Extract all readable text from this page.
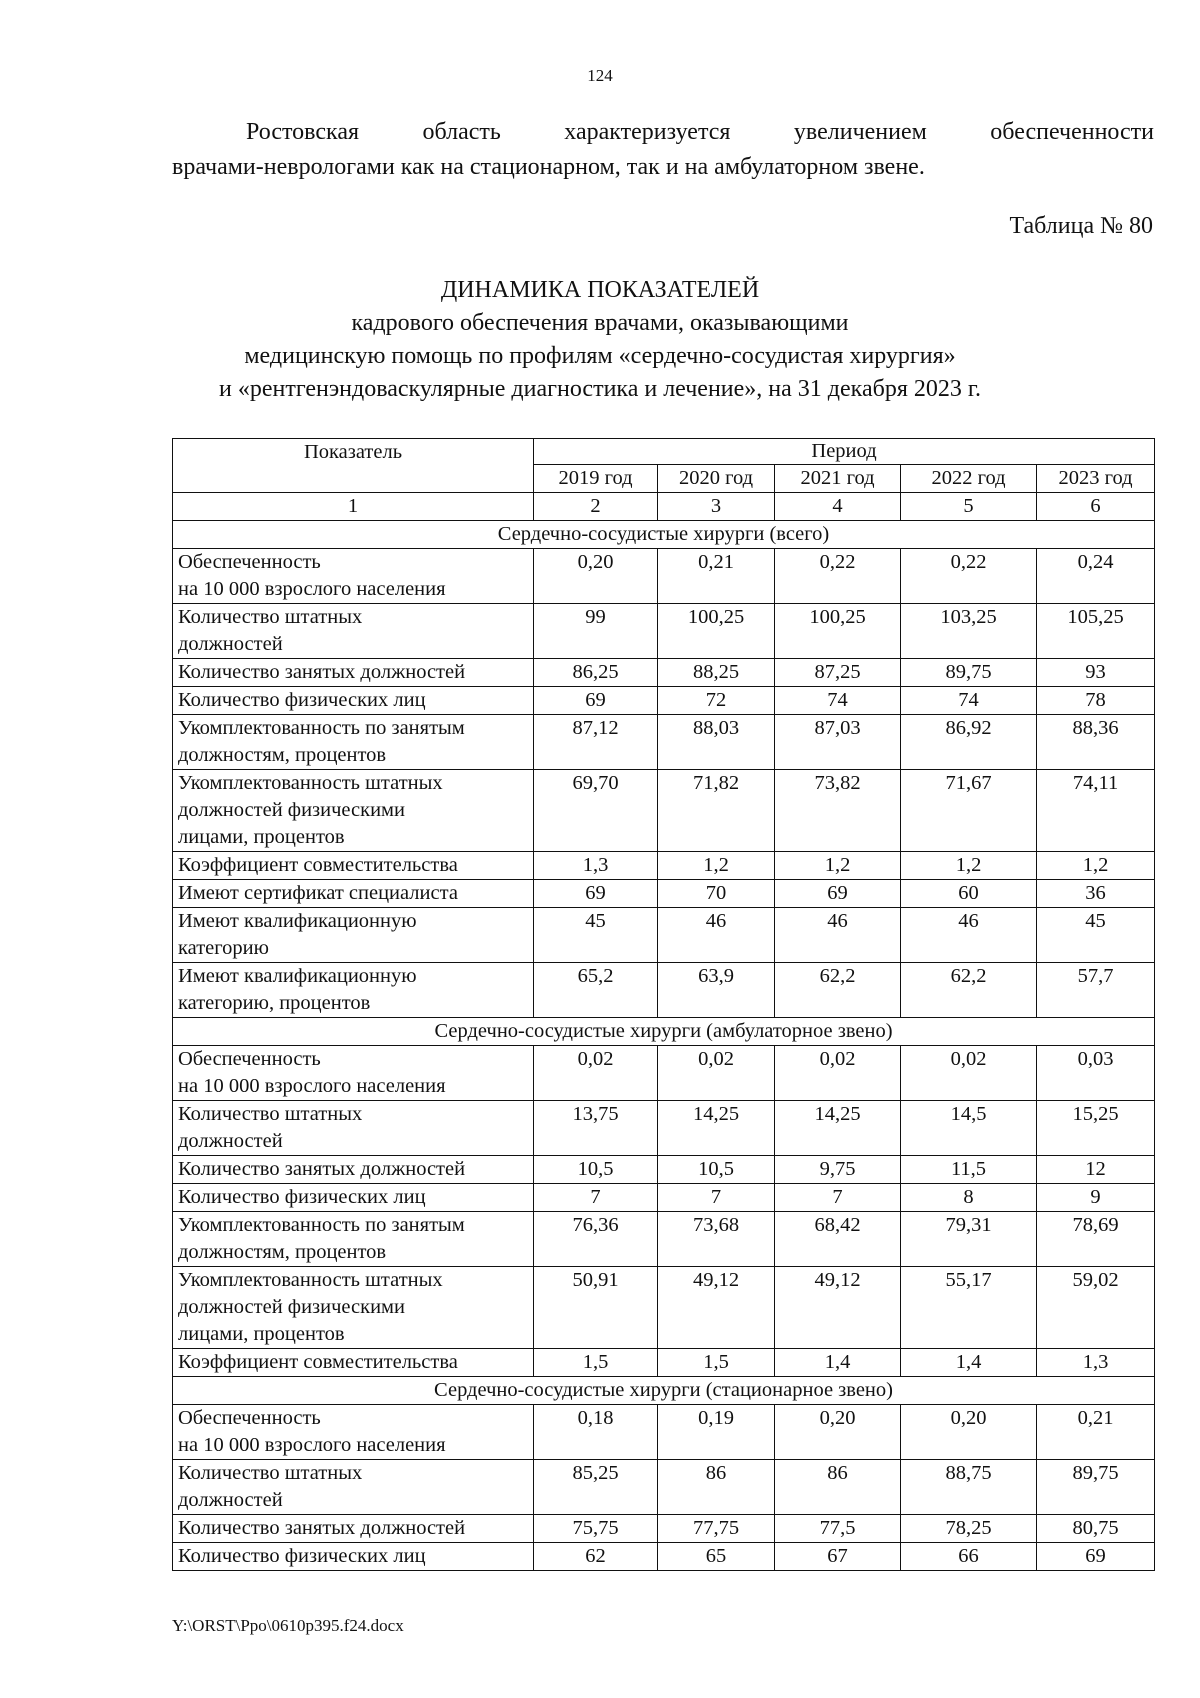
124
Ростовская область характеризуется увеличением обеспеченности
врачами-неврологами как на стационарном, так и на амбулаторном звене.
Таблица № 80
ДИНАМИКА ПОКАЗАТЕЛЕЙ
кадрового обеспечения врачами, оказывающими
медицинскую помощь по профилям «сердечно-сосудистая хирургия»
и «рентгенэндоваскулярные диагностика и лечение», на 31 декабря 2023 г.
Показатель	Период				
	2019 год	2020 год	2021 год	2022 год	2023 год
1	2	3	4	5	6
Сердечно-сосудистые хирурги (всего)					
Обеспеченность
на 10 000 взрослого населения	0,20	0,21	0,22	0,22	0,24
Количество штатных
должностей	99	100,25	100,25	103,25	105,25
Количество занятых должностей	86,25	88,25	87,25	89,75	93
Количество физических лиц	69	72	74	74	78
Укомплектованность по занятым
должностям, процентов	87,12	88,03	87,03	86,92	88,36
Укомплектованность штатных
должностей физическими
лицами, процентов	69,70	71,82	73,82	71,67	74,11
Коэффициент совместительства	1,3	1,2	1,2	1,2	1,2
Имеют сертификат специалиста	69	70	69	60	36
Имеют квалификационную
категорию	45	46	46	46	45
Имеют квалификационную
категорию, процентов	65,2	63,9	62,2	62,2	57,7
Сердечно-сосудистые хирурги (амбулаторное звено)					
Обеспеченность
на 10 000 взрослого населения	0,02	0,02	0,02	0,02	0,03
Количество штатных
должностей	13,75	14,25	14,25	14,5	15,25
Количество занятых должностей	10,5	10,5	9,75	11,5	12
Количество физических лиц	7	7	7	8	9
Укомплектованность по занятым
должностям, процентов	76,36	73,68	68,42	79,31	78,69
Укомплектованность штатных
должностей физическими
лицами, процентов	50,91	49,12	49,12	55,17	59,02
Коэффициент совместительства	1,5	1,5	1,4	1,4	1,3
Сердечно-сосудистые хирурги (стационарное звено)					
Обеспеченность
на 10 000 взрослого населения	0,18	0,19	0,20	0,20	0,21
Количество штатных
должностей	85,25	86	86	88,75	89,75
Количество занятых должностей	75,75	77,75	77,5	78,25	80,75
Количество физических лиц	62	65	67	66	69
Y:\ORST\Ppo\0610p395.f24.docx
